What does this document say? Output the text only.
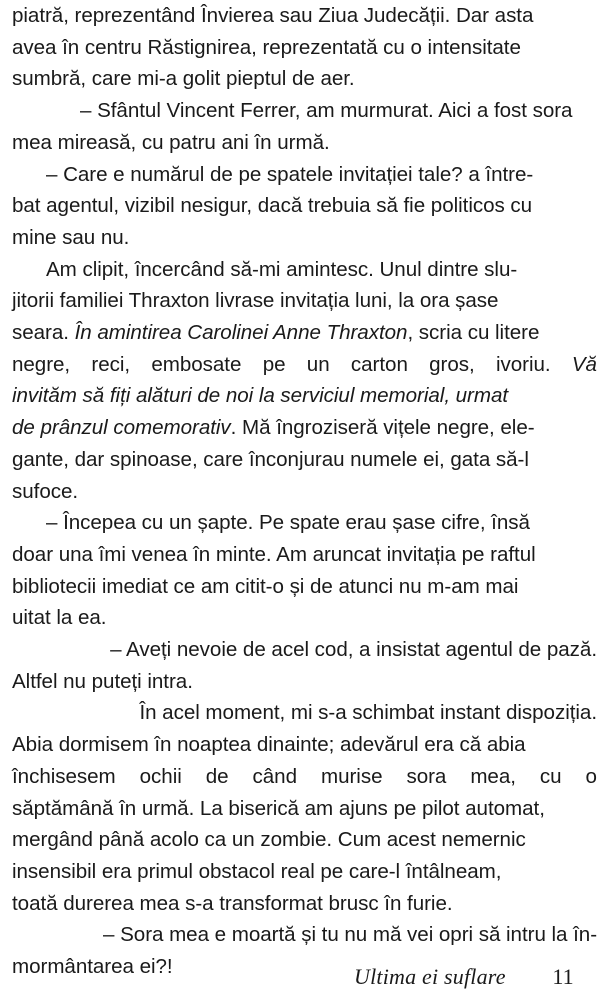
piatră, reprezentând Învierea sau Ziua Judecății. Dar asta
avea în centru Răstignirea, reprezentată cu o intensitate
sumbră, care mi-a golit pieptul de aer.

– Sfântul Vincent Ferrer, am murmurat. Aici a fost sora
mea mireasă, cu patru ani în urmă.

– Care e numărul de pe spatele invitației tale? a între-
bat agentul, vizibil nesigur, dacă trebuia să fie politicos cu
mine sau nu.

Am clipit, încercând să-mi amintesc. Unul dintre slu-
jitorii familiei Thraxton livrase invitația luni, la ora șase
seara. În amintirea Carolinei Anne Thraxton, scria cu litere
negre, reci, embosate pe un carton gros, ivoriu. Vă
invităm să fiți alături de noi la serviciul memorial, urmat
de prânzul comemorativ. Mă îngroziseră vițele negre, ele-
gante, dar spinoase, care înconjurau numele ei, gata să-l
sufoce.

– Începea cu un șapte. Pe spate erau șase cifre, însă
doar una îmi venea în minte. Am aruncat invitația pe raftul
bibliotecii imediat ce am citit-o și de atunci nu m-am mai
uitat la ea.

– Aveți nevoie de acel cod, a insistat agentul de pază.
Altfel nu puteți intra.

În acel moment, mi s-a schimbat instant dispoziția.
Abia dormisem în noaptea dinainte; adevărul era că abia
închisesem ochii de când murise sora mea, cu o
săptămână în urmă. La biserică am ajuns pe pilot automat,
mergând până acolo ca un zombie. Cum acest nemernic
insensibil era primul obstacol real pe care-l întâlneam,
toată durerea mea s-a transformat brusc în furie.

– Sora mea e moartă și tu nu mă vei opri să intru la în-
mormântarea ei?!	Ultima ei suflare 11
